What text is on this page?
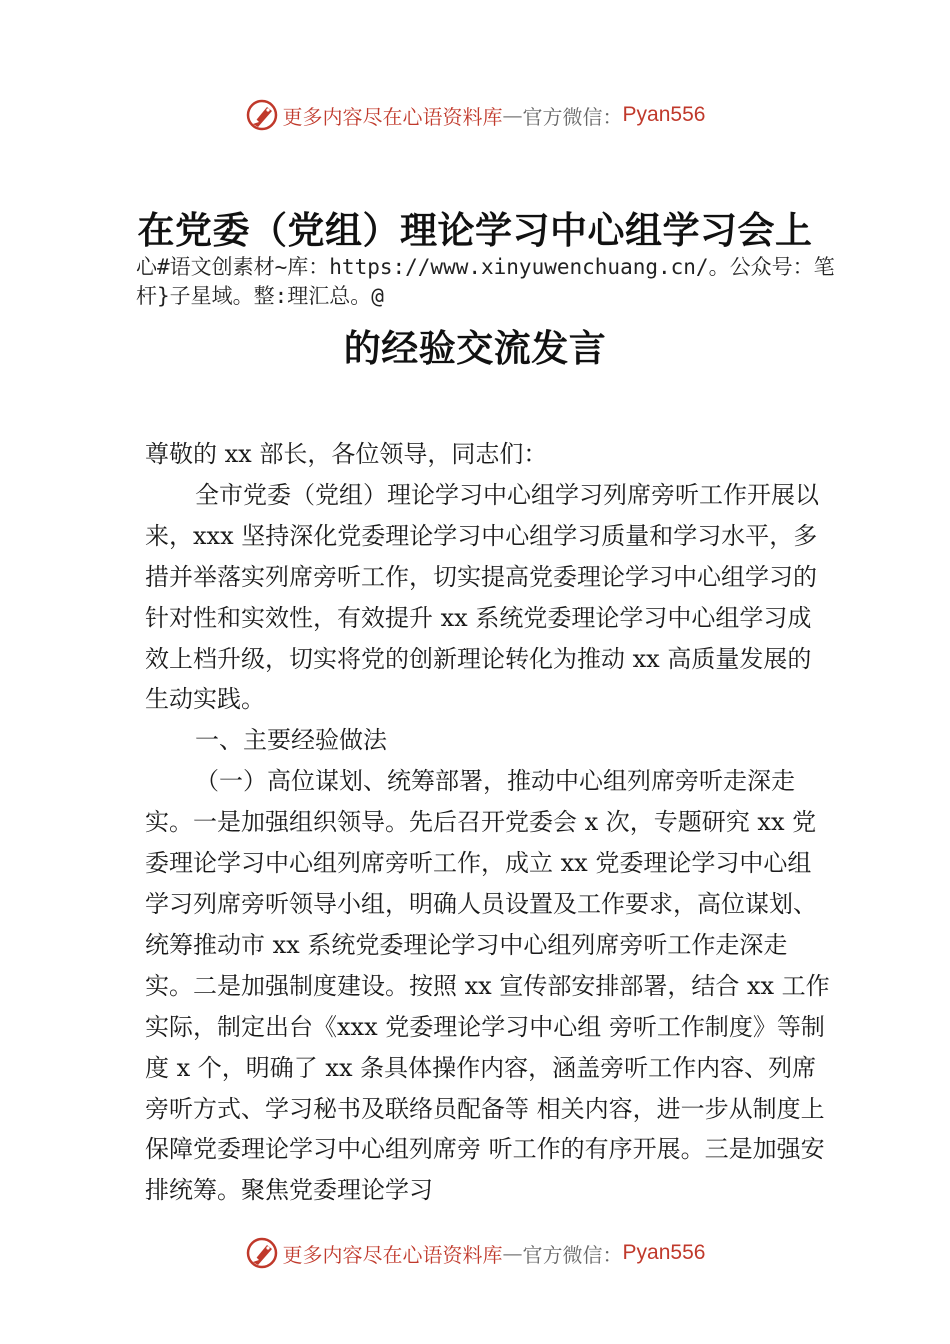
更多内容尽在心语资料库 — 官方微信： Pyan556
在党委（党组）理论学习中心组学习会上
心#语文创素材~库：https://www.xinyuwenchuang.cn/。公众号：笔杆}子星域。整:理汇总。@
的经验交流发言

尊敬的 xx 部长，各位领导，同志们：

全市党委（党组）理论学习中心组学习列席旁听工作开展以来，xxx 坚持深化党委理论学习中心组学习质量和学习水平，多措并举落实列席旁听工作，切实提高党委理论学习中心组学习的针对性和实效性，有效提升 xx 系统党委理论学习中心组学习成效上档升级，切实将党的创新理论转化为推动 xx 高质量发展的生动实践。

一、主要经验做法

（一）高位谋划、统筹部署，推动中心组列席旁听走深走实。一是加强组织领导。先后召开党委会 x 次，专题研究 xx 党委理论学习中心组列席旁听工作，成立 xx 党委理论学习中心组学习列席旁听领导小组，明确人员设置及工作要求，高位谋划、统筹推动市 xx 系统党委理论学习中心组列席旁听工作走深走实。二是加强制度建设。按照 xx 宣传部安排部署，结合 xx 工作实际，制定出台《xxx 党委理论学习中心组 旁听工作制度》等制度 x 个，明确了 xx 条具体操作内容，涵盖旁听工作内容、列席旁听方式、学习秘书及联络员配备等 相关内容，进一步从制度上保障党委理论学习中心组列席旁 听工作的有序开展。三是加强安排统筹。聚焦党委理论学习

更多内容尽在心语资料库 — 官方微信： Pyan556
